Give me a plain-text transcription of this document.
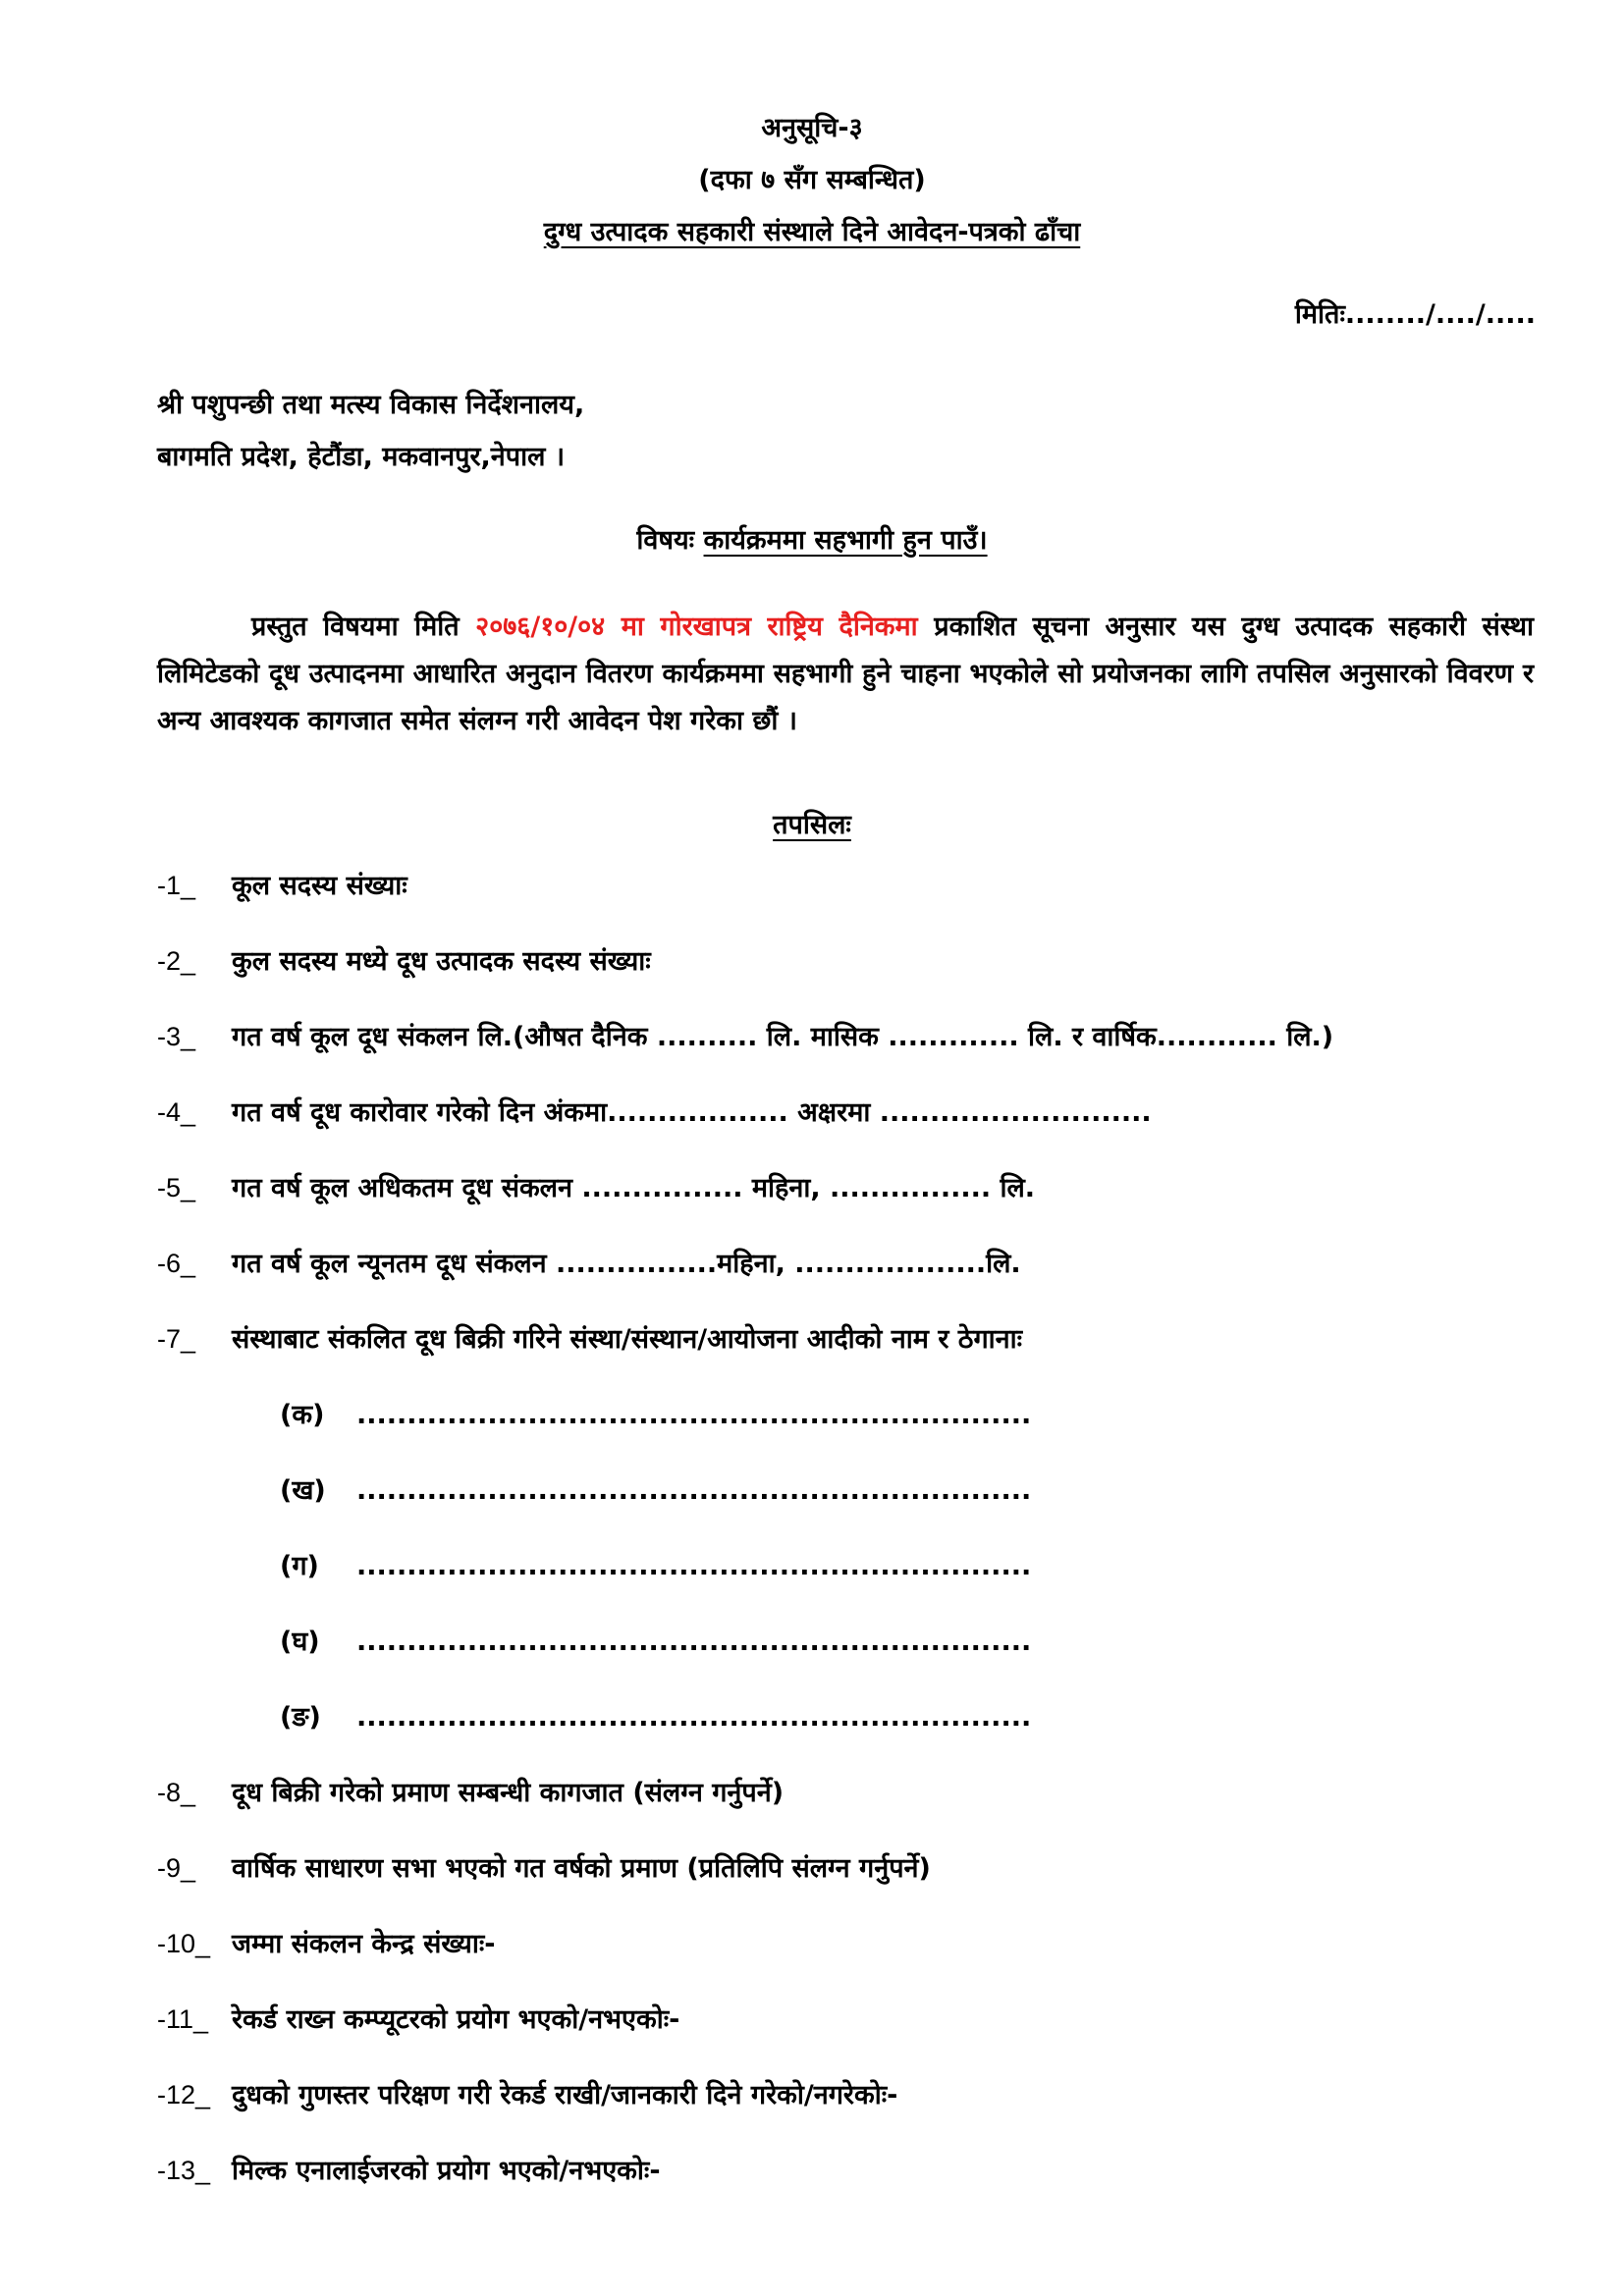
अनुसूचि-३
(दफा ७ सँग सम्बन्धित)
दुग्ध उत्पादक सहकारी संस्थाले दिने आवेदन-पत्रको ढाँचा
मितिः......../..../.....
श्री पशुपन्छी तथा मत्स्य विकास निर्देशनालय,
बागमति प्रदेश, हेटौंडा, मकवानपुर,नेपाल ।
विषयः कार्यक्रममा सहभागी हुन पाउँ।
प्रस्तुत विषयमा मिति २०७६/१०/०४ मा गोरखापत्र राष्ट्रिय दैनिकमा प्रकाशित सूचना अनुसार यस दुग्ध उत्पादक सहकारी संस्था लिमिटेडको दूध उत्पादनमा आधारित अनुदान वितरण कार्यक्रममा सहभागी हुने चाहना भएकोले सो प्रयोजनका लागि तपसिल अनुसारको विवरण र अन्य आवश्यक कागजात समेत संलग्न गरी आवेदन पेश गरेका छौं ।
तपसिलः
-1_ कूल सदस्य संख्याः
-2_ कुल सदस्य मध्ये दूध उत्पादक सदस्य संख्याः
-3_ गत वर्ष कूल दूध संकलन लि.(औषत दैनिक .......... लि. मासिक ............. लि. र वार्षिक............ लि.)
-4_ गत वर्ष दूध कारोवार गरेको दिन अंकमा.................. अक्षरमा ...........................
-5_ गत वर्ष कूल अधिकतम दूध संकलन ................ महिना, ................ लि.
-6_ गत वर्ष कूल न्यूनतम दूध संकलन ................महिना, ...................लि.
-7_ संस्थाबाट संकलित दूध बिक्री गरिने संस्था/संस्थान/आयोजना आदीको नाम र ठेगानाः
(क) ...................................................................
(ख) ...................................................................
(ग) ...................................................................
(घ) ...................................................................
(ङ) ...................................................................
-8_ दूध बिक्री गरेको प्रमाण सम्बन्धी कागजात (संलग्न गर्नुपर्ने)
-9_ वार्षिक साधारण सभा भएको गत वर्षको प्रमाण (प्रतिलिपि संलग्न गर्नुपर्ने)
-10_ जम्मा संकलन केन्द्र संख्याः-
-11_ रेकर्ड राख्न कम्प्यूटरको प्रयोग भएको/नभएकोः-
-12_ दुधको गुणस्तर परिक्षण गरी रेकर्ड राखी/जानकारी दिने गरेको/नगरेकोः-
-13_ मिल्क एनालाईजरको प्रयोग भएको/नभएकोः-
